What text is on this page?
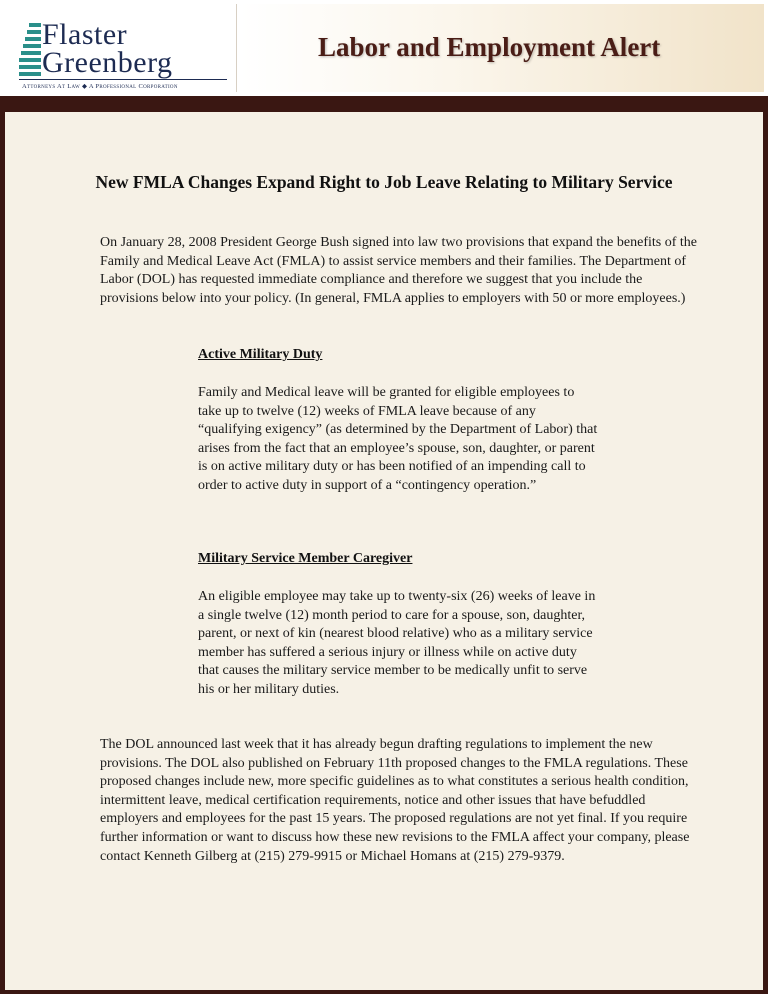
Flaster
Greenberg
Attorneys At Law ◆ A Professional Corporation
Labor and Employment Alert
New FMLA Changes Expand Right to Job Leave Relating to Military Service

On January 28, 2008 President George Bush signed into law two provisions that expand the benefits of the Family and Medical Leave Act (FMLA) to assist service members and their families. The Department of Labor (DOL) has requested immediate compliance and therefore we suggest that you include the provisions below into your policy. (In general, FMLA applies to employers with 50 or more employees.)

Active Military Duty

Family and Medical leave will be granted for eligible employees to take up to twelve (12) weeks of FMLA leave because of any “qualifying exigency” (as determined by the Department of Labor) that arises from the fact that an employee’s spouse, son, daughter, or parent is on active military duty or has been notified of an impending call to order to active duty in support of a “contingency operation.”

Military Service Member Caregiver

An eligible employee may take up to twenty-six (26) weeks of leave in a single twelve (12) month period to care for a spouse, son, daughter, parent, or next of kin (nearest blood relative) who as a military service member has suffered a serious injury or illness while on active duty that causes the military service member to be medically unfit to serve his or her military duties.

The DOL announced last week that it has already begun drafting regulations to implement the new provisions. The DOL also published on February 11th proposed changes to the FMLA regulations. These proposed changes include new, more specific guidelines as to what constitutes a serious health condition, intermittent leave, medical certification requirements, notice and other issues that have befuddled employers and employees for the past 15 years. The proposed regulations are not yet final. If you require further information or want to discuss how these new revisions to the FMLA affect your company, please contact Kenneth Gilberg at (215) 279-9915 or Michael Homans at (215) 279-9379.
